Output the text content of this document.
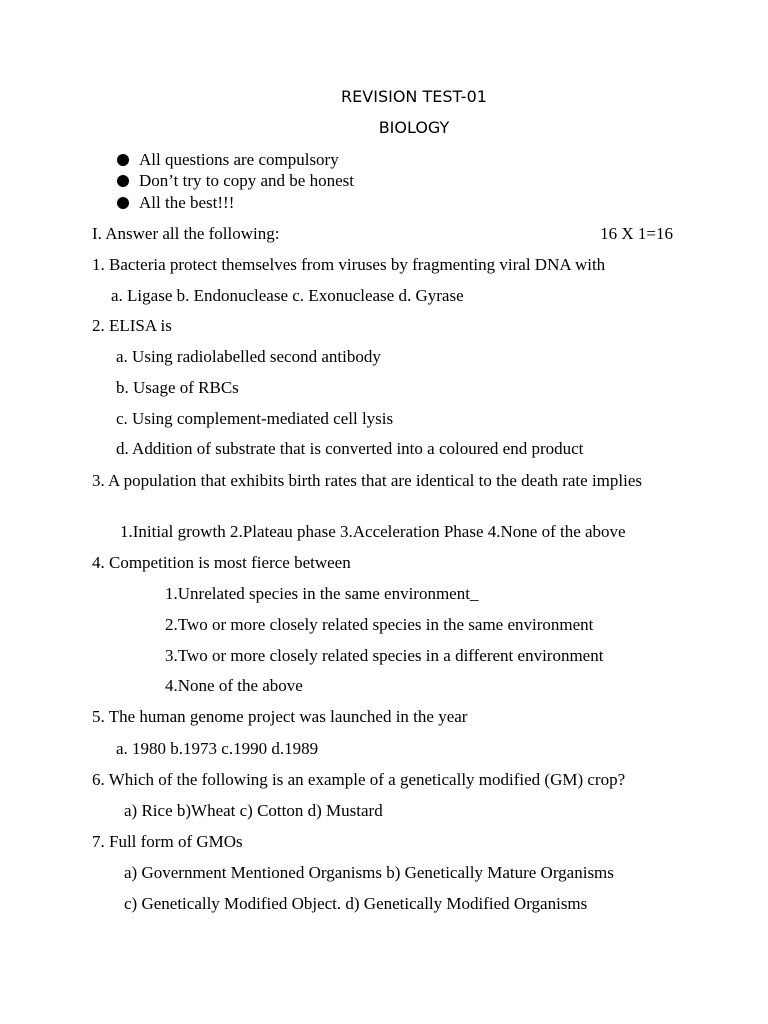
REVISION TEST-01
BIOLOGY
All questions are compulsory
Don’t try to copy and be honest
All the best!!!
I. Answer all the following:	16 X 1=16
1. Bacteria protect themselves from viruses by fragmenting viral DNA with
a. Ligase b. Endonuclease c. Exonuclease d. Gyrase
2. ELISA is
a. Using radiolabelled second antibody
b. Usage of RBCs
c. Using complement-mediated cell lysis
d. Addition of substrate that is converted into a coloured end product
3. A population that exhibits birth rates that are identical to the death rate implies
1.Initial growth 2.Plateau phase 3.Acceleration Phase 4.None of the above
4. Competition is most fierce between
1.Unrelated species in the same environment_
2.Two or more closely related species in the same environment
3.Two or more closely related species in a different environment
4.None of the above
5. The human genome project was launched in the year
a. 1980 b.1973 c.1990 d.1989
6. Which of the following is an example of a genetically modified (GM) crop?
a) Rice b)Wheat c) Cotton d) Mustard
7. Full form of GMOs
a) Government Mentioned Organisms b) Genetically Mature Organisms
c) Genetically Modified Object. d) Genetically Modified Organisms
